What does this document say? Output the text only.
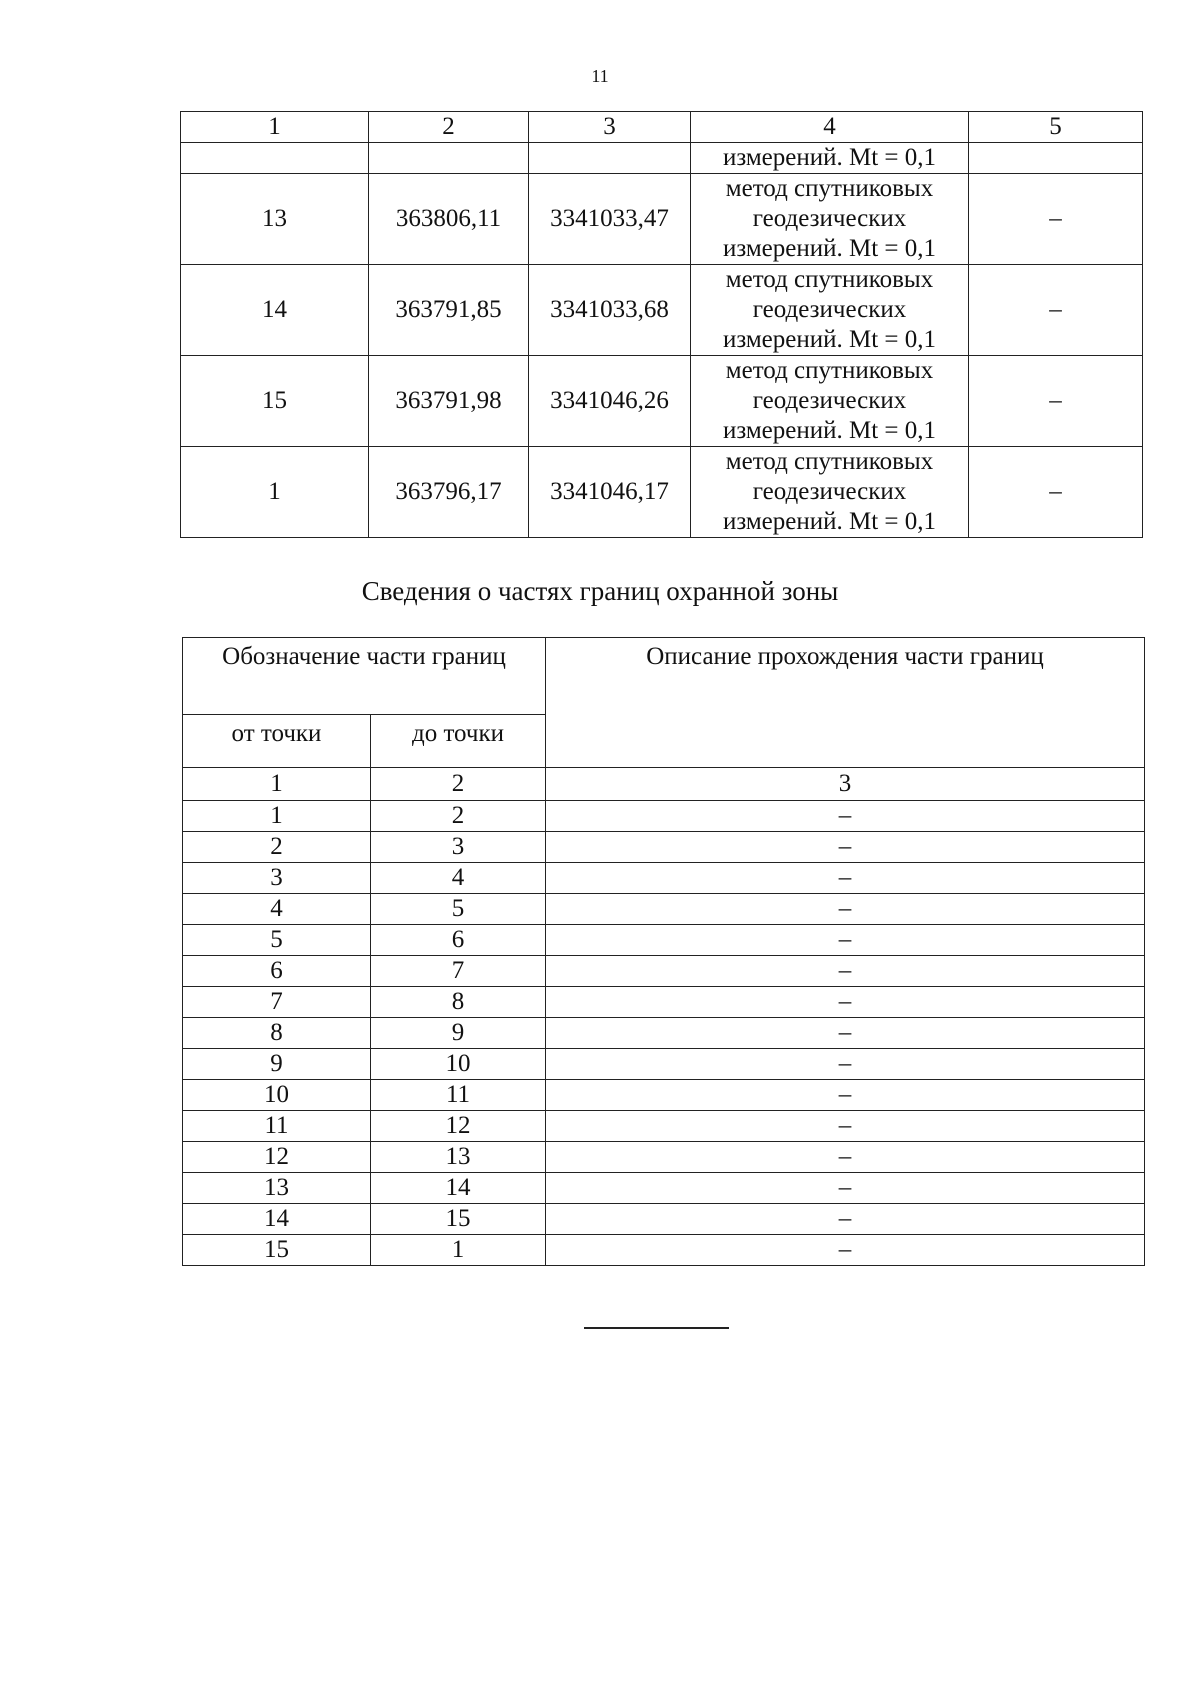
11
1	2	3	4	5
			измерений. Mt = 0,1	
13	363806,11	3341033,47	метод спутниковых
геодезических
измерений. Mt = 0,1	–
14	363791,85	3341033,68	метод спутниковых
геодезических
измерений. Mt = 0,1	–
15	363791,98	3341046,26	метод спутниковых
геодезических
измерений. Mt = 0,1	–
1	363796,17	3341046,17	метод спутниковых
геодезических
измерений. Mt = 0,1	–
Сведения о частях границ охранной зоны
Обозначение части границ		Описание прохождения части границ
от точки	до точки	
1	2	3
1	2	–
2	3	–
3	4	–
4	5	–
5	6	–
6	7	–
7	8	–
8	9	–
9	10	–
10	11	–
11	12	–
12	13	–
13	14	–
14	15	–
15	1	–
